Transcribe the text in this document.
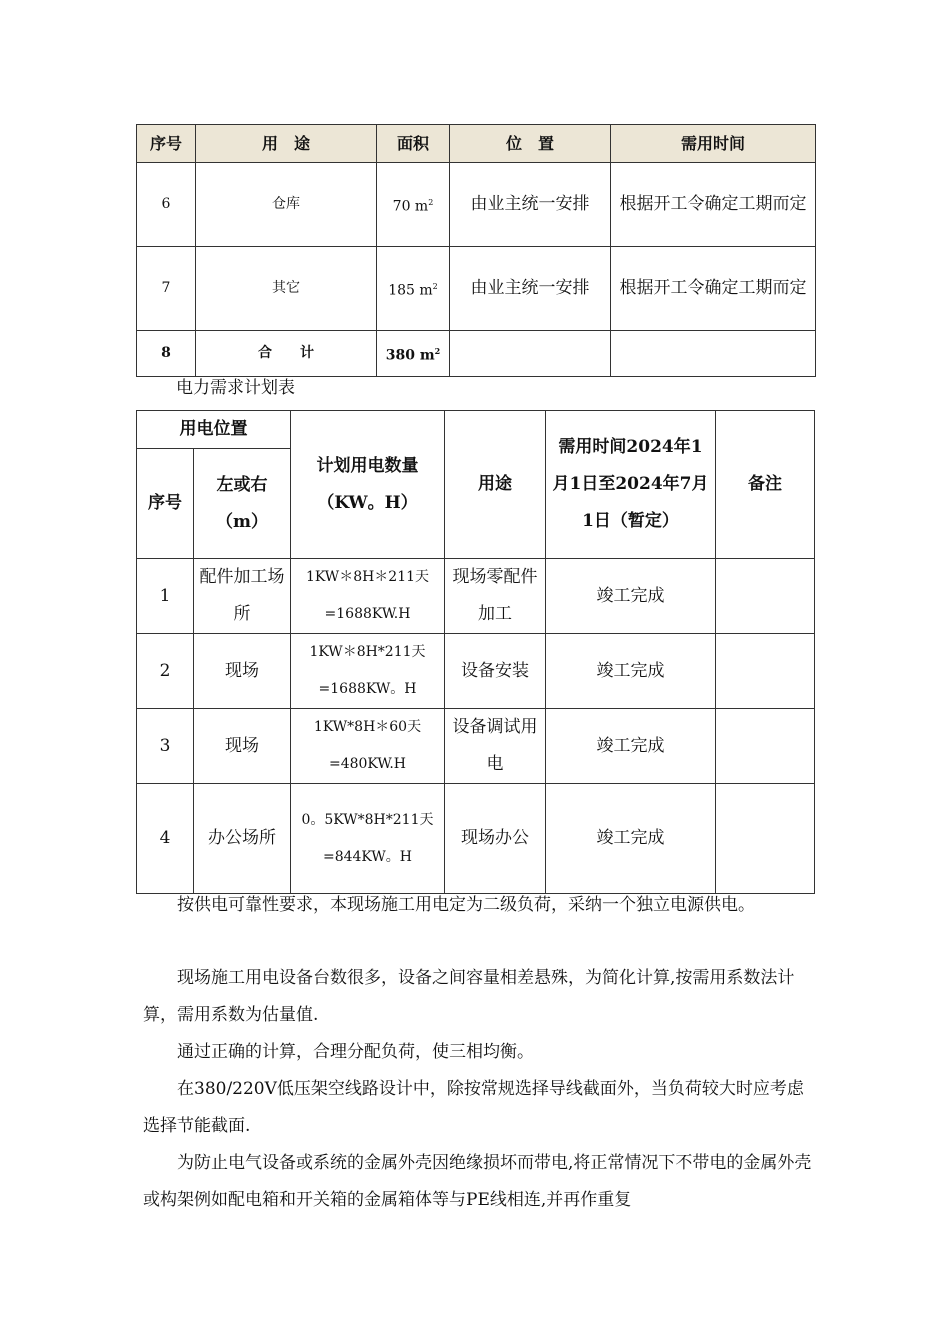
序号	用　途	面积	位　置	需用时间
6	仓库	70 $m^2$	由业主统一安排	根据开工令确定工期而定
7	其它	185 $m^2$	由业主统一安排	根据开工令确定工期而定
8	合　　计	380 $m^2$		
电力需求计划表
用电位置		计划用电数量（KW。H）	用途	需用时间2024年1月1日至2024年7月1日（暂定）	备注
序号	左或右（m）				
1	配件加工场所	1KW＊8H＊211天=1688KW.H	现场零配件加工	竣工完成	
2	现场	1KW＊8H*211天=1688KW。H	设备安装	竣工完成	
3	现场	1KW*8H＊60天=480KW.H	设备调试用电	竣工完成	
4	办公场所	0。5KW*8H*211天=844KW。H	现场办公	竣工完成	

按供电可靠性要求，本现场施工用电定为二级负荷，采纳一个独立电源供电。

现场施工用电设备台数很多，设备之间容量相差悬殊，为简化计算,按需用系数法计算，需用系数为估量值.

通过正确的计算，合理分配负荷，使三相均衡。

在380/220V低压架空线路设计中，除按常规选择导线截面外，当负荷较大时应考虑选择节能截面.

为防止电气设备或系统的金属外壳因绝缘损坏而带电,将正常情况下不带电的金属外壳或构架例如配电箱和开关箱的金属箱体等与PE线相连,并再作重复
